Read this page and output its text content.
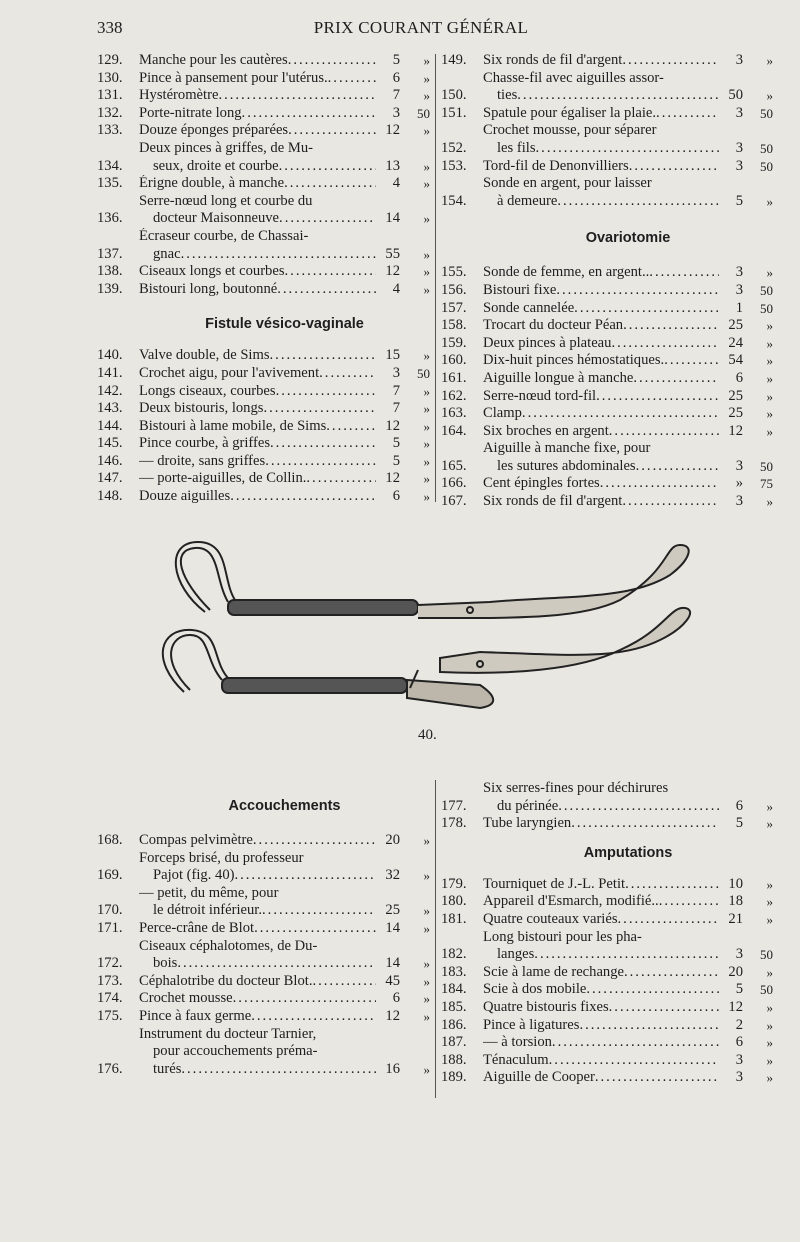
338	PRIX COURANT GÉNÉRAL
129.	Manche pour les cautères .....	5	»
130.	Pince à pansement pour l'utérus. .....	6	»
131.	Hystéromètre .....	7	»
132.	Porte-nitrate long .....	3	50
133.	Douze éponges préparées .....	12	»
134.
Deux pinces à griffes, de Mu-
seux, droite et courbe .....	13	»
135.	Érigne double, à manche .....	4	»
136.
Serre-nœud long et courbe du
docteur Maisonneuve .....	14	»
137.
Écraseur courbe, de Chassai-
gnac .....	55	»
138.	Ciseaux longs et courbes .....	12	»
139.	Bistouri long, boutonné .....	4	»
Fistule vésico-vaginale
140.	Valve double, de Sims .....	15	»
141.	Crochet aigu, pour l'avivement .....	3	50
142.	Longs ciseaux, courbes .....	7	»
143.	Deux bistouris, longs .....	7	»
144.	Bistouri à lame mobile, de Sims .....	12	»
145.	Pince courbe, à griffes .....	5	»
146.	— droite, sans griffes .....	5	»
147.	— porte-aiguilles, de Collin. .....	12	»
148.	Douze aiguilles .....	6	»
149.	Six ronds de fil d'argent .....	3	»
150.
Chasse-fil avec aiguilles assor-
ties .....	50	»
151.	Spatule pour égaliser la plaie. .....	3	50
152.
Crochet mousse, pour séparer
les fils .....	3	50
153.	Tord-fil de Denonvilliers .....	3	50
154.
Sonde en argent, pour laisser
à demeure .....	5	»
Ovariotomie
155.	Sonde de femme, en argent.. .....	3	»
156.	Bistouri fixe .....	3	50
157.	Sonde cannelée .....	1	50
158.	Trocart du docteur Péan .....	25	»
159.	Deux pinces à plateau .....	24	»
160.	Dix-huit pinces hémostatiques. .....	54	»
161.	Aiguille longue à manche .....	6	»
162.	Serre-nœud tord-fil .....	25	»
163.	Clamp .....	25	»
164.	Six broches en argent .....	12	»
165.
Aiguille à manche fixe, pour
les sutures abdominales .....	3	50
166.	Cent épingles fortes .....	»	75
167.	Six ronds de fil d'argent .....	3	»
40.
Accouchements
168.	Compas pelvimètre .....	20	»
169.
Forceps brisé, du professeur
Pajot (fig. 40) .....	32	»
170.
— petit, du même, pour
le détroit inférieur. .....	25	»
171.	Perce-crâne de Blot .....	14	»
172.
Ciseaux céphalotomes, de Du-
bois .....	14	»
173.	Céphalotribe du docteur Blot. .....	45	»
174.	Crochet mousse .....	6	»
175.	Pince à faux germe .....	12	»
176.
Instrument du docteur Tarnier,
pour accouchements préma-
turés .....	16	»
177.
Six serres-fines pour déchirures
du périnée .....	6	»
178.	Tube laryngien .....	5	»
Amputations
179.	Tourniquet de J.-L. Petit .....	10	»
180.	Appareil d'Esmarch, modifié.. .....	18	»
181.	Quatre couteaux variés .....	21	»
182.
Long bistouri pour les pha-
langes .....	3	50
183.	Scie à lame de rechange .....	20	»
184.	Scie à dos mobile .....	5	50
185.	Quatre bistouris fixes .....	12	»
186.	Pince à ligatures .....	2	»
187.	— à torsion .....	6	»
188.	Ténaculum .....	3	»
189.	Aiguille de Cooper .....	3	»
